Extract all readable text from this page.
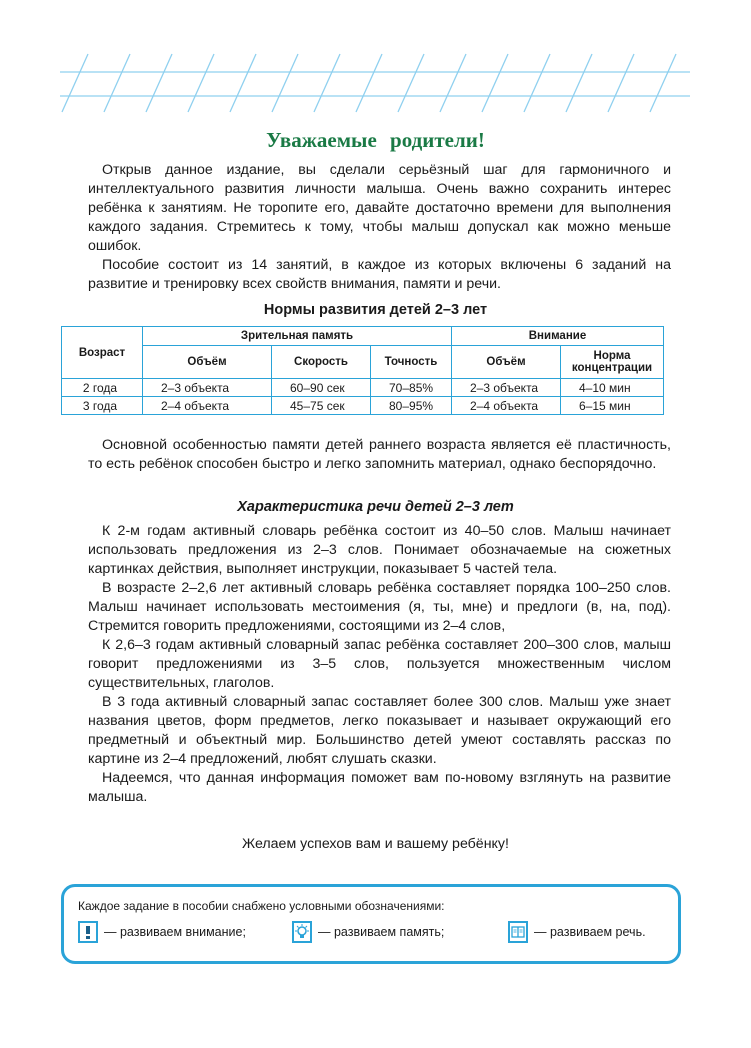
Уважаемые родители!

Открыв данное издание, вы сделали серьёзный шаг для гармоничного и интеллектуального развития личности малыша. Очень важно сохранить интерес ребёнка к занятиям. Не торопите его, давайте достаточно времени для выполнения каждого задания. Стремитесь к тому, чтобы малыш допускал как можно меньше ошибок.

Пособие состоит из 14 занятий, в каждое из которых включены 6 заданий на развитие и тренировку всех свойств внимания, памяти и речи.

Нормы развития детей 2–3 лет
Возраст	Зрительная память			Внимание	
	Объём	Скорость	Точность	Объём	Норма концентрации
2 года	2–3 объекта	60–90 сек	70–85%	2–3 объекта	4–10 мин
3 года	2–4 объекта	45–75 сек	80–95%	2–4 объекта	6–15 мин

Основной особенностью памяти детей раннего возраста является её пластичность, то есть ребёнок способен быстро и легко запомнить материал, однако беспорядочно.

Характеристика речи детей 2–3 лет

К 2-м годам активный словарь ребёнка состоит из 40–50 слов. Малыш начинает использовать предложения из 2–3 слов. Понимает обозначаемые на сюжетных картинках действия, выполняет инструкции, показывает 5 частей тела.

В возрасте 2–2,6 лет активный словарь ребёнка составляет порядка 100–250 слов. Малыш начинает использовать местоимения (я, ты, мне) и предлоги (в, на, под). Стремится говорить предложениями, состоящими из 2–4 слов,

К 2,6–3 годам активный словарный запас ребёнка составляет 200–300 слов, малыш говорит предложениями из 3–5 слов, пользуется множественным числом существительных, глаголов.

В 3 года активный словарный запас составляет более 300 слов. Малыш уже знает названия цветов, форм предметов, легко показывает и называет окружающий его предметный и объектный мир. Большинство детей умеют составлять рассказ по картине из 2–4 предложений, любят слушать сказки.

Надеемся, что данная информация поможет вам по-новому взглянуть на развитие малыша.

Желаем успехов вам и вашему ребёнку!
Каждое задание в пособии снабжено условными обозначениями:
— развиваем внимание;	— развиваем память;	— развиваем речь.
